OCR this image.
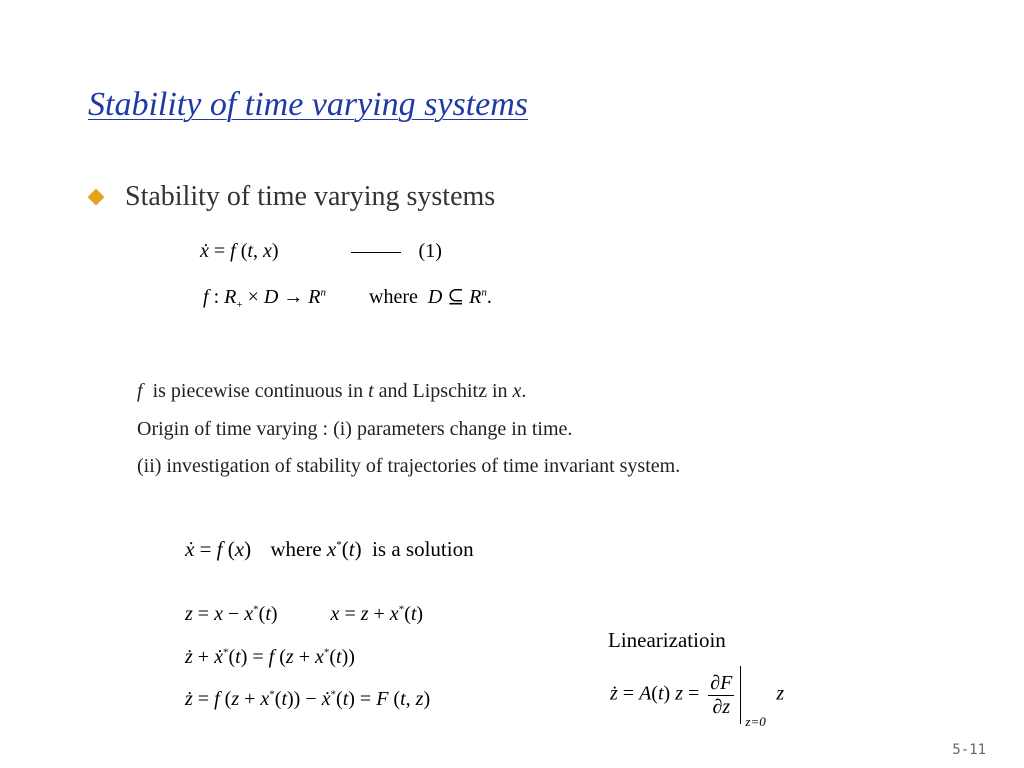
Stability of time varying systems
Stability of time varying systems
ẋ = f (t, x)	(1)
f : $R_+ \times D \to R^n$ where D ⊆ $R^n$.
f is piecewise continuous in t and Lipschitz in x.
Origin of time varying : (i) parameters change in time.
(ii) investigation of stability of trajectories of time invariant system.
ẋ = f (x) where x*(t)  is a solution
z = x − x*(t) x = z + x*(t)
ż + ẋ*(t) = f (z + x*(t))
ż = f (z + x*(t)) − ẋ*(t) = F (t, z)
Linearizatioin
ż = A(t) $z = \frac{\partial F}{\partial z}$
z=0
z
5-11
